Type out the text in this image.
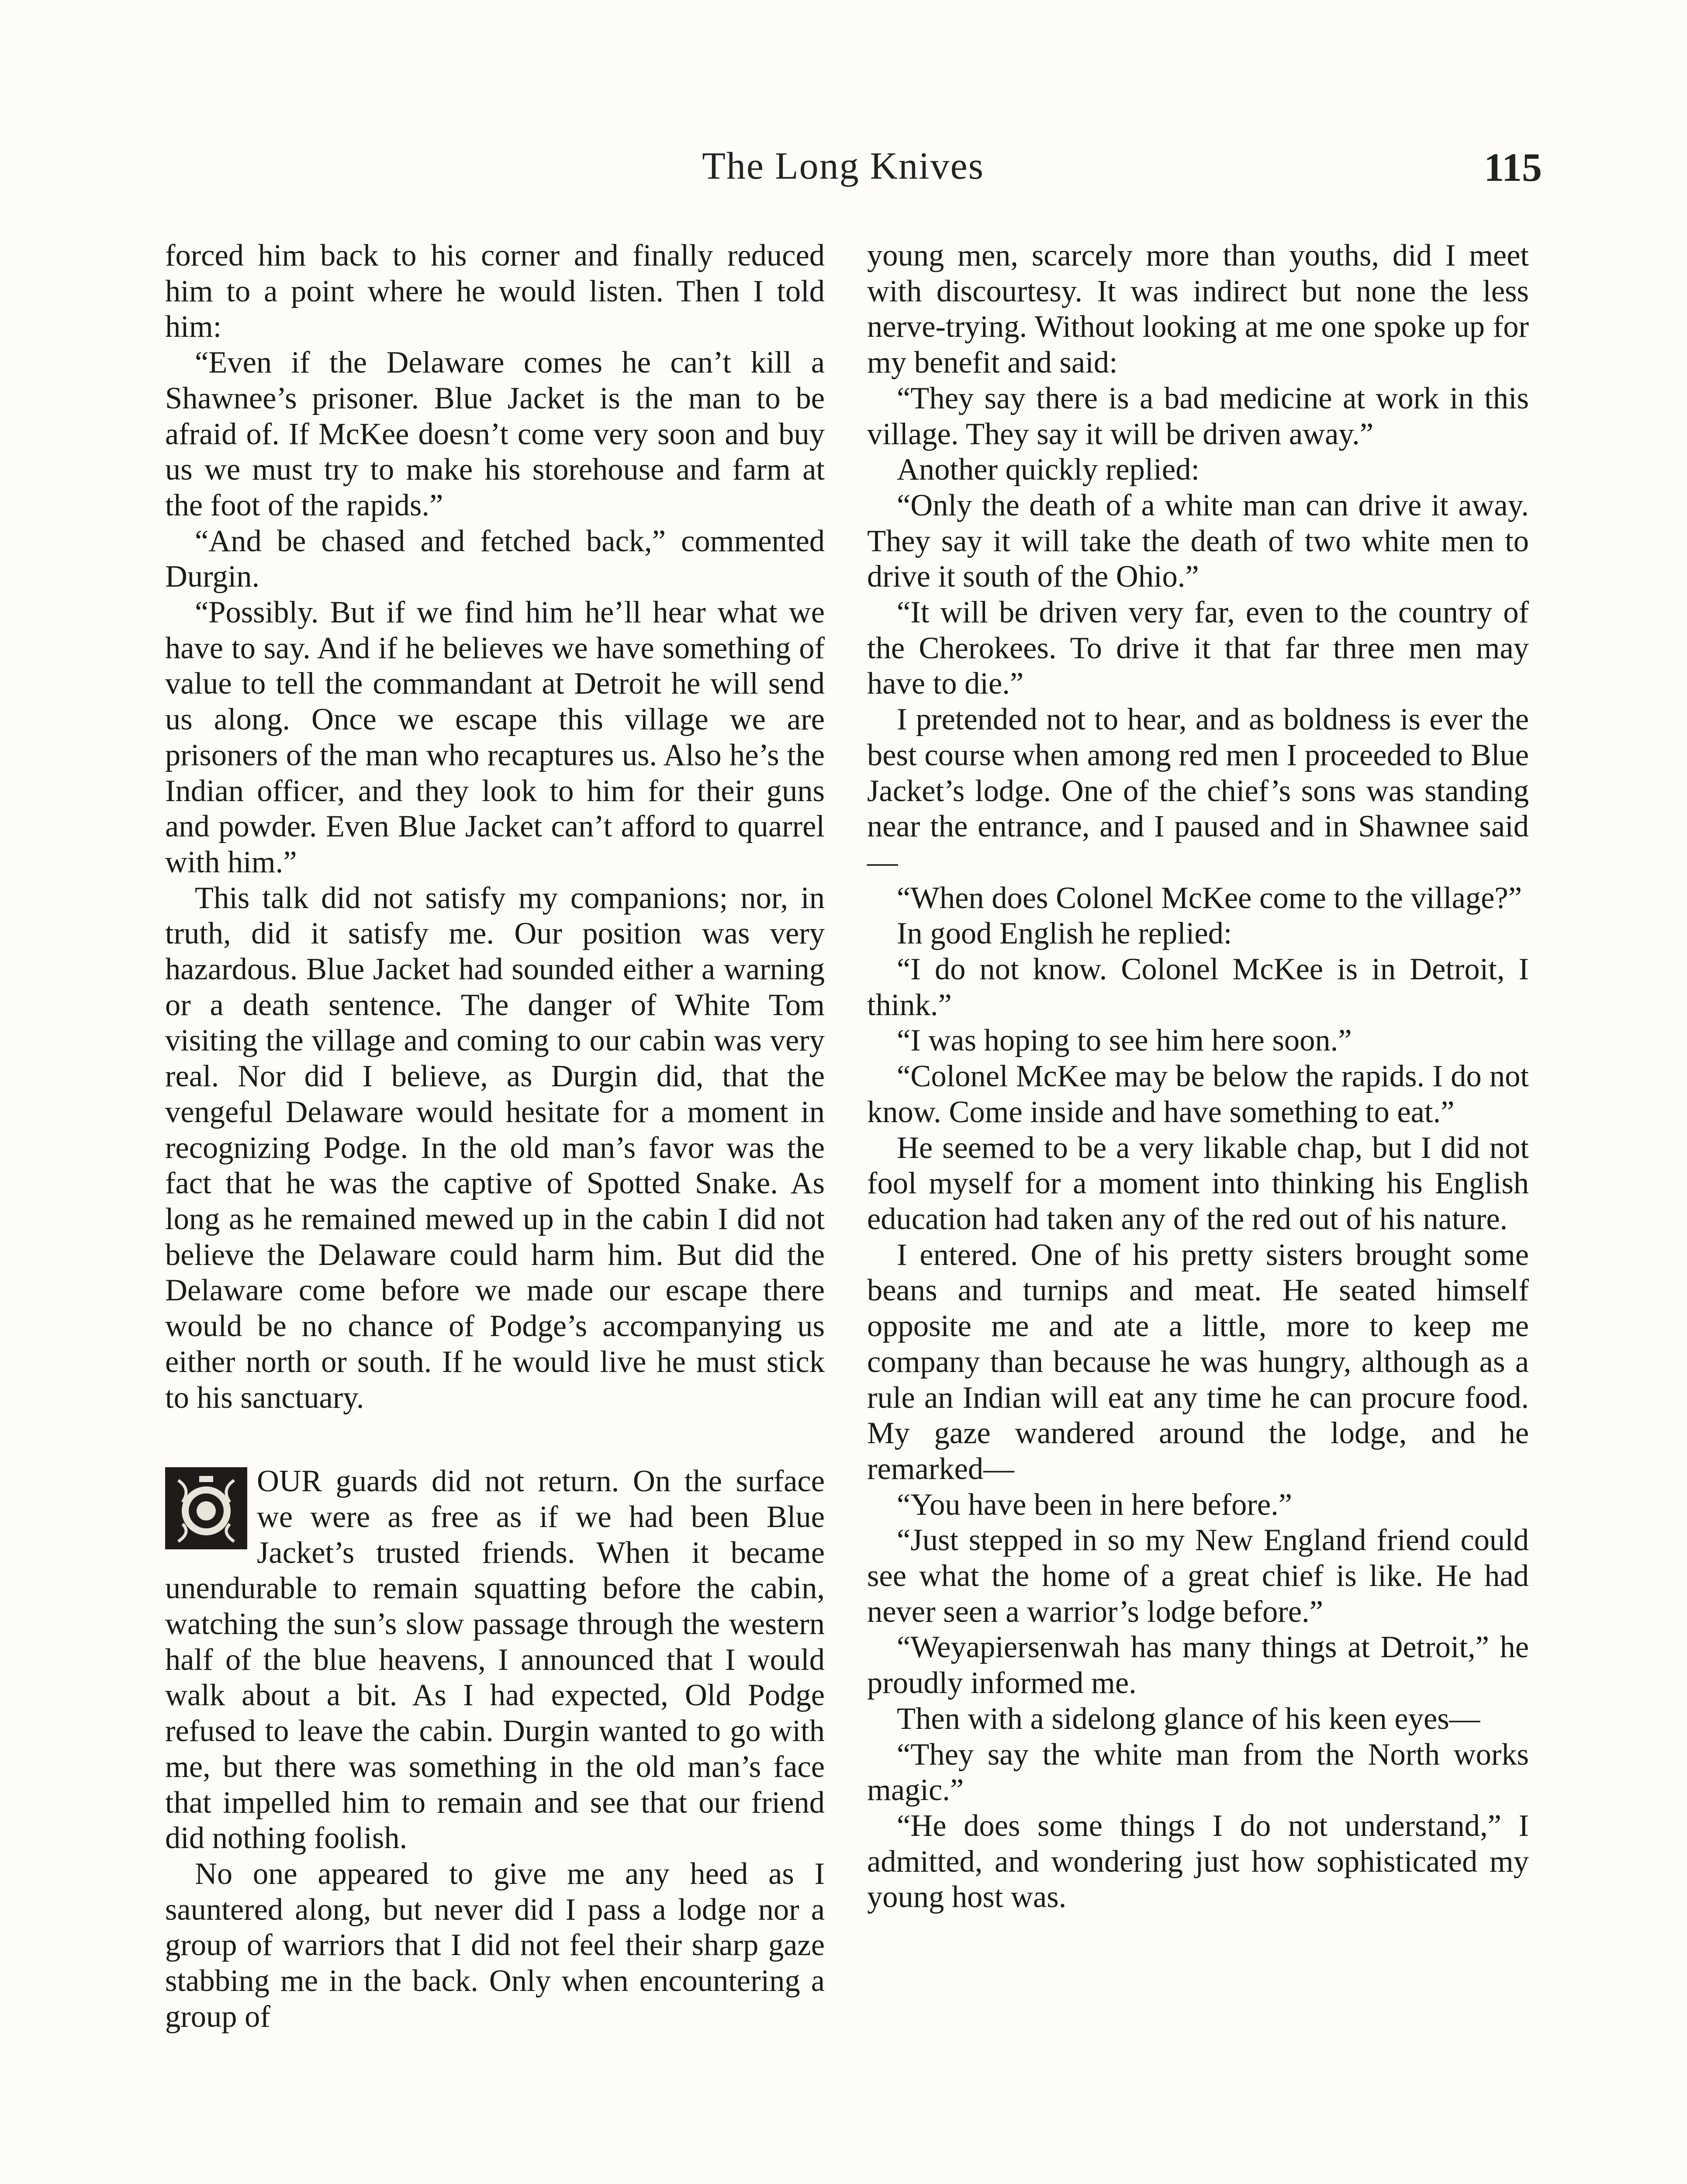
The Long Knives	115

forced him back to his corner and finally reduced him to a point where he would listen. Then I told him:

“Even if the Delaware comes he can’t kill a Shawnee’s prisoner. Blue Jacket is the man to be afraid of. If McKee doesn’t come very soon and buy us we must try to make his storehouse and farm at the foot of the rapids.”

“And be chased and fetched back,” commented Durgin.

“Possibly. But if we find him he’ll hear what we have to say. And if he believes we have something of value to tell the commandant at Detroit he will send us along. Once we escape this village we are prisoners of the man who recaptures us. Also he’s the Indian officer, and they look to him for their guns and powder. Even Blue Jacket can’t afford to quarrel with him.”

This talk did not satisfy my companions; nor, in truth, did it satisfy me. Our position was very hazardous. Blue Jacket had sounded either a warning or a death sentence. The danger of White Tom visiting the village and coming to our cabin was very real. Nor did I believe, as Durgin did, that the vengeful Delaware would hesitate for a moment in recognizing Podge. In the old man’s favor was the fact that he was the captive of Spotted Snake. As long as he remained mewed up in the cabin I did not believe the Delaware could harm him. But did the Delaware come before we made our escape there would be no chance of Podge’s accompanying us either north or south. If he would live he must stick to his sanctuary.

OUR guards did not return. On the surface we were as free as if we had been Blue Jacket’s trusted friends. When it became unendurable to remain squatting before the cabin, watching the sun’s slow passage through the western half of the blue heavens, I announced that I would walk about a bit. As I had expected, Old Podge refused to leave the cabin. Durgin wanted to go with me, but there was something in the old man’s face that impelled him to remain and see that our friend did nothing foolish.

No one appeared to give me any heed as I sauntered along, but never did I pass a lodge nor a group of warriors that I did not feel their sharp gaze stabbing me in the back. Only when encountering a group of

young men, scarcely more than youths, did I meet with discourtesy. It was indirect but none the less nerve-trying. Without looking at me one spoke up for my benefit and said:

“They say there is a bad medicine at work in this village. They say it will be driven away.”

Another quickly replied:

“Only the death of a white man can drive it away. They say it will take the death of two white men to drive it south of the Ohio.”

“It will be driven very far, even to the country of the Cherokees. To drive it that far three men may have to die.”

I pretended not to hear, and as boldness is ever the best course when among red men I proceeded to Blue Jacket’s lodge. One of the chief’s sons was standing near the entrance, and I paused and in Shawnee said—

“When does Colonel McKee come to the village?”

In good English he replied:

“I do not know. Colonel McKee is in Detroit, I think.”

“I was hoping to see him here soon.”

“Colonel McKee may be below the rapids. I do not know. Come inside and have something to eat.”

He seemed to be a very likable chap, but I did not fool myself for a moment into thinking his English education had taken any of the red out of his nature.

I entered. One of his pretty sisters brought some beans and turnips and meat. He seated himself opposite me and ate a little, more to keep me company than because he was hungry, although as a rule an Indian will eat any time he can procure food. My gaze wandered around the lodge, and he remarked—

“You have been in here before.”

“Just stepped in so my New England friend could see what the home of a great chief is like. He had never seen a warrior’s lodge before.”

“Weyapiersenwah has many things at Detroit,” he proudly informed me.

Then with a sidelong glance of his keen eyes—

“They say the white man from the North works magic.”

“He does some things I do not understand,” I admitted, and wondering just how sophisticated my young host was.
